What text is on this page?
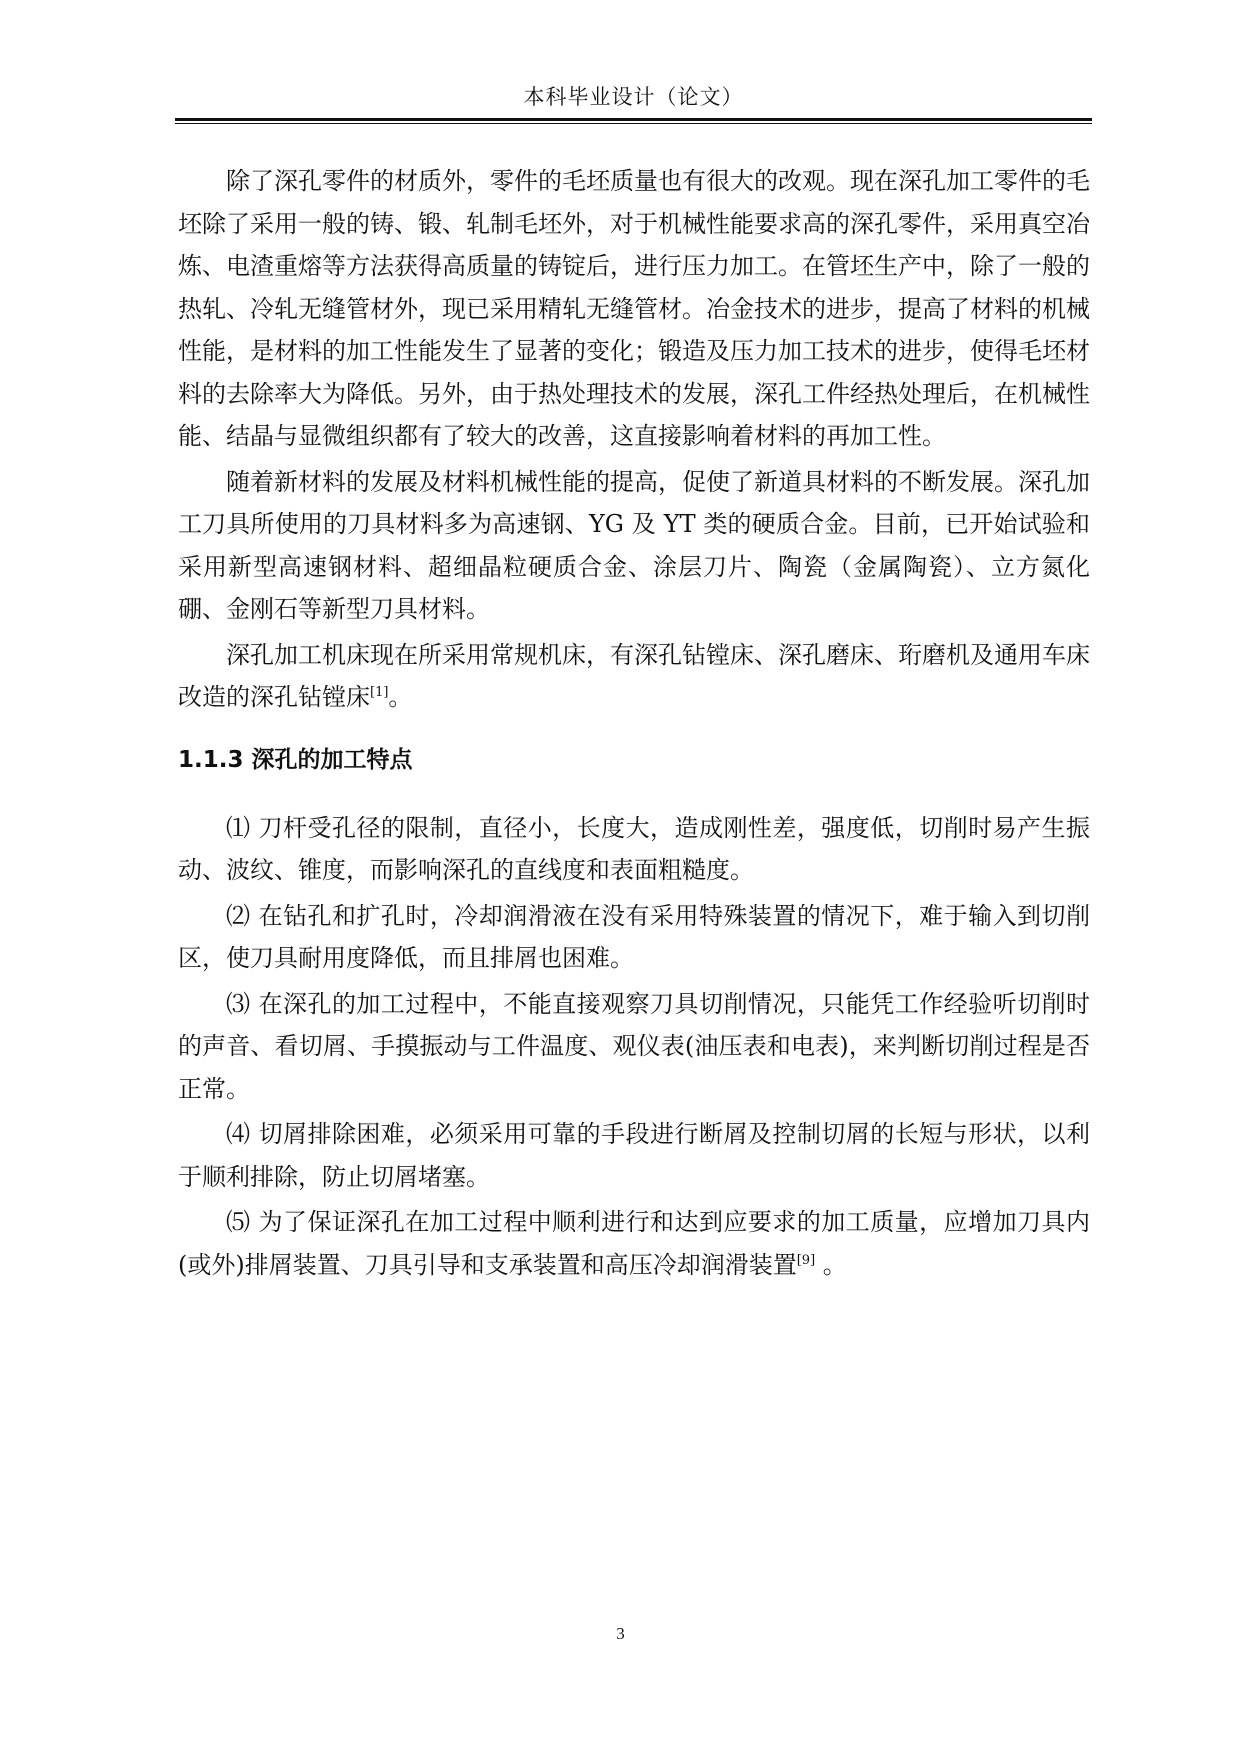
本科毕业设计（论文）

除了深孔零件的材质外，零件的毛坯质量也有很大的改观。现在深孔加工零件的毛坯除了采用一般的铸、锻、轧制毛坯外，对于机械性能要求高的深孔零件，采用真空冶炼、电渣重熔等方法获得高质量的铸锭后，进行压力加工。在管坯生产中，除了一般的热轧、冷轧无缝管材外，现已采用精轧无缝管材。冶金技术的进步，提高了材料的机械性能，是材料的加工性能发生了显著的变化；锻造及压力加工技术的进步，使得毛坯材料的去除率大为降低。另外，由于热处理技术的发展，深孔工件经热处理后，在机械性能、结晶与显微组织都有了较大的改善，这直接影响着材料的再加工性。

随着新材料的发展及材料机械性能的提高，促使了新道具材料的不断发展。深孔加工刀具所使用的刀具材料多为高速钢、YG 及 YT 类的硬质合金。目前，已开始试验和采用新型高速钢材料、超细晶粒硬质合金、涂层刀片、陶瓷（金属陶瓷）、立方氮化硼、金刚石等新型刀具材料。

深孔加工机床现在所采用常规机床，有深孔钻镗床、深孔磨床、珩磨机及通用车床改造的深孔钻镗床[1]。

1.1.3 深孔的加工特点

⑴ 刀杆受孔径的限制，直径小，长度大，造成刚性差，强度低，切削时易产生振动、波纹、锥度，而影响深孔的直线度和表面粗糙度。

⑵ 在钻孔和扩孔时，冷却润滑液在没有采用特殊装置的情况下，难于输入到切削区，使刀具耐用度降低，而且排屑也困难。

⑶ 在深孔的加工过程中，不能直接观察刀具切削情况，只能凭工作经验听切削时的声音、看切屑、手摸振动与工件温度、观仪表(油压表和电表)，来判断切削过程是否正常。

⑷ 切屑排除困难，必须采用可靠的手段进行断屑及控制切屑的长短与形状，以利于顺利排除，防止切屑堵塞。

⑸ 为了保证深孔在加工过程中顺利进行和达到应要求的加工质量，应增加刀具内(或外)排屑装置、刀具引导和支承装置和高压冷却润滑装置[9] 。

3
